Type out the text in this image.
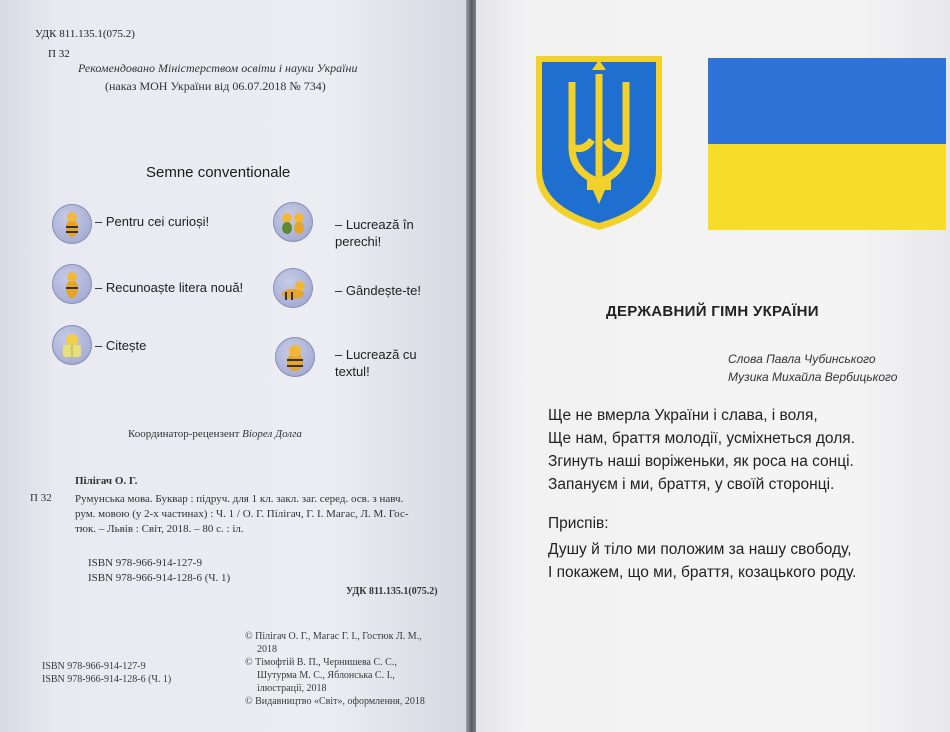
УДК 811.135.1(075.2)
П 32
Рекомендовано Міністерством освіти і науки України
(наказ МОН України від 06.07.2018 № 734)
Semne conventionale
– Pentru cei curioși!	– Lucrează în perechi!
– Recunoaște litera nouă!	– Gândește-te!
– Citește
– Lucrează cu textul!
Координатор-рецензент Віорел Долга
Пілігач О. Г.
П 32 Румунська мова. Буквар : підруч. для 1 кл. закл. заг. серед. осв. з навч.
рум. мовою (у 2-х частинах) : Ч. 1 / О. Г. Пілігач, Г. І. Магас, Л. М. Гос-
тюк. – Львів : Світ, 2018. – 80 с. : іл.
ISBN 978-966-914-127-9
ISBN 978-966-914-128-6 (Ч. 1)
УДК 811.135.1(075.2)
ISBN 978-966-914-127-9
ISBN 978-966-914-128-6 (Ч. 1)
© Пілігач О. Г., Магас Г. І., Гостюк Л. М.,
2018
© Тімофтій В. П., Чернишева С. С.,
Шутурма М. С., Яблонська С. І.,
ілюстрації, 2018
© Видавництво «Світ», оформлення, 2018
ДЕРЖАВНИЙ ГІМН УКРАЇНИ
Слова Павла Чубинського
Музика Михайла Вербицького
Ще не вмерла України і слава, і воля,
Ще нам, браття молодії, усміхнеться доля.
Згинуть наші воріженьки, як роса на сонці.
Запануєм і ми, браття, у своїй сторонці.
Приспів:
Душу й тіло ми положим за нашу свободу,
І покажем, що ми, браття, козацького роду.
